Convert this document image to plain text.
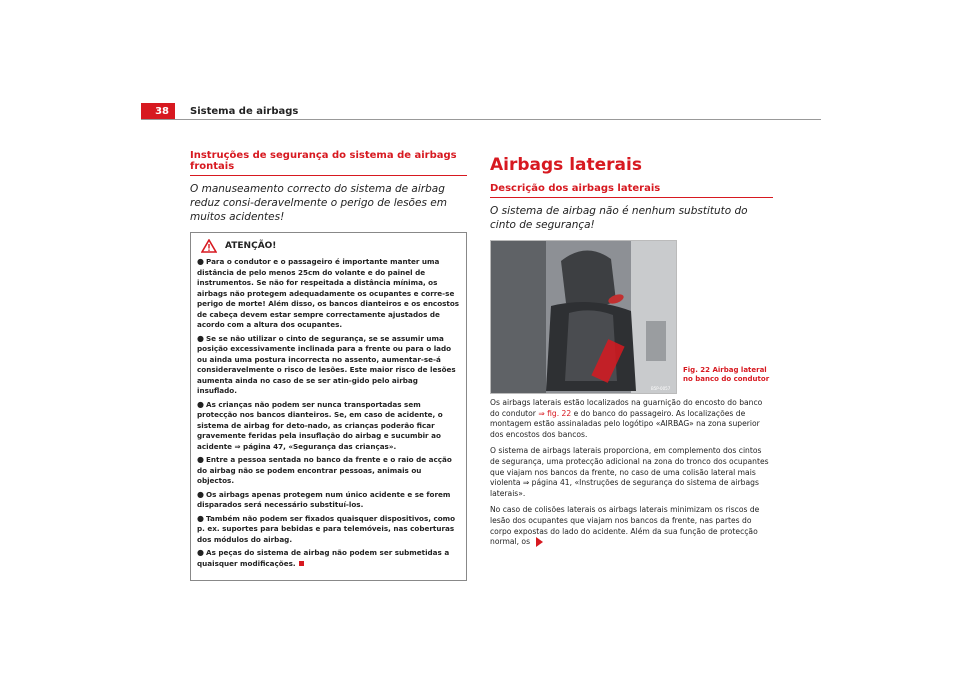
38	Sistema de airbags
Instruções de segurança do sistema de airbags frontais

O manuseamento correcto do sistema de airbag reduz consi-deravelmente o perigo de lesões em muitos acidentes!

ATENÇÃO!

● Para o condutor e o passageiro é importante manter uma distância de pelo menos 25cm do volante e do painel de instrumentos. Se não for respeitada a distância mínima, os airbags não protegem adequadamente os ocupantes e corre-se perigo de morte! Além disso, os bancos dianteiros e os encostos de cabeça devem estar sempre correctamente ajustados de acordo com a altura dos ocupantes.

● Se se não utilizar o cinto de segurança, se se assumir uma posição excessivamente inclinada para a frente ou para o lado ou ainda uma postura incorrecta no assento, aumentar-se-á consideravelmente o risco de lesões. Este maior risco de lesões aumenta ainda no caso de se ser atin-gido pelo airbag insuflado.

● As crianças não podem ser nunca transportadas sem protecção nos bancos dianteiros. Se, em caso de acidente, o sistema de airbag for deto-nado, as crianças poderão ficar gravemente feridas pela insuflação do airbag e sucumbir ao acidente ⇒ página 47, «Segurança das crianças».

● Entre a pessoa sentada no banco da frente e o raio de acção do airbag não se podem encontrar pessoas, animais ou objectos.

● Os airbags apenas protegem num único acidente e se forem disparados será necessário substituí-los.

● Também não podem ser fixados quaisquer dispositivos, como p. ex. suportes para bebidas e para telemóveis, nas coberturas dos módulos do airbag.

● As peças do sistema de airbag não podem ser submetidas a quaisquer modificações.

Airbags laterais
Descrição dos airbags laterais

O sistema de airbag não é nenhum substituto do cinto de segurança!

B5P-0057
Fig. 22 Airbag lateral no banco do condutor

Os airbags laterais estão localizados na guarnição do encosto do banco do condutor ⇒ fig. 22 e do banco do passageiro. As localizações de montagem estão assinaladas pelo logótipo «AIRBAG» na zona superior dos encostos dos bancos.

O sistema de airbags laterais proporciona, em complemento dos cintos de segurança, uma protecção adicional na zona do tronco dos ocupantes que viajam nos bancos da frente, no caso de uma colisão lateral mais violenta ⇒ página 41, «Instruções de segurança do sistema de airbags laterais».

No caso de colisões laterais os airbags laterais minimizam os riscos de lesão dos ocupantes que viajam nos bancos da frente, nas partes do corpo expostas do lado do acidente. Além da sua função de protecção normal, os
